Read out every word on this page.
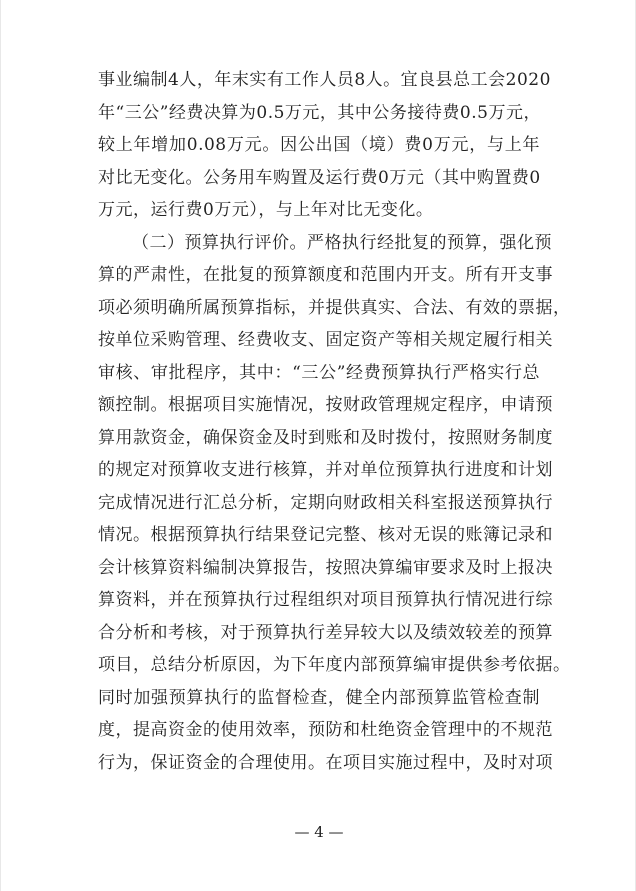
事业编制4人，年末实有工作人员8人。宜良县总工会2020
年“三公”经费决算为0.5万元，其中公务接待费0.5万元，
较上年增加0.08万元。因公出国（境）费0万元，与上年
对比无变化。公务用车购置及运行费0万元（其中购置费0
万元，运行费0万元），与上年对比无变化。
（二）预算执行评价。严格执行经批复的预算，强化预
算的严肃性，在批复的预算额度和范围内开支。所有开支事
项必须明确所属预算指标，并提供真实、合法、有效的票据，
按单位采购管理、经费收支、固定资产等相关规定履行相关
审核、审批程序，其中：“三公”经费预算执行严格实行总
额控制。根据项目实施情况，按财政管理规定程序，申请预
算用款资金，确保资金及时到账和及时拨付，按照财务制度
的规定对预算收支进行核算，并对单位预算执行进度和计划
完成情况进行汇总分析，定期向财政相关科室报送预算执行
情况。根据预算执行结果登记完整、核对无误的账簿记录和
会计核算资料编制决算报告，按照决算编审要求及时上报决
算资料，并在预算执行过程组织对项目预算执行情况进行综
合分析和考核，对于预算执行差异较大以及绩效较差的预算
项目，总结分析原因，为下年度内部预算编审提供参考依据。
同时加强预算执行的监督检查，健全内部预算监管检查制
度，提高资金的使用效率，预防和杜绝资金管理中的不规范
行为，保证资金的合理使用。在项目实施过程中，及时对项
— 4 —
